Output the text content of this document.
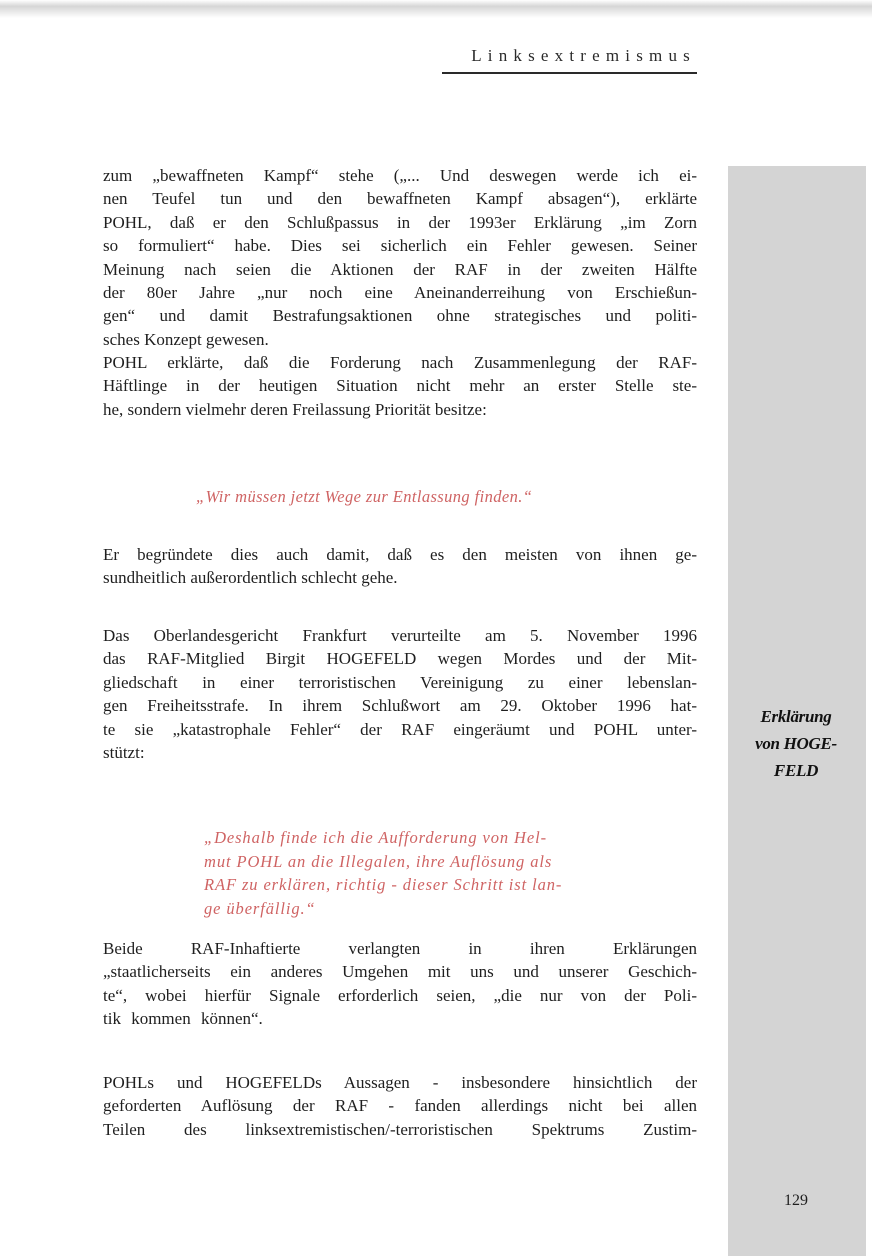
Linksextremismus
Erklärung
von HOGE-
FELD
129
zum „bewaffneten Kampf“ stehe („... Und deswegen werde ich ei-
nen Teufel tun und den bewaffneten Kampf absagen“), erklärte
POHL, daß er den Schlußpassus in der 1993er Erklärung „im Zorn
so formuliert“ habe. Dies sei sicherlich ein Fehler gewesen. Seiner
Meinung nach seien die Aktionen der RAF in der zweiten Hälfte
der 80er Jahre „nur noch eine Aneinanderreihung von Erschießun-
gen“ und damit Bestrafungsaktionen ohne strategisches und politi-
sches Konzept gewesen.
POHL erklärte, daß die Forderung nach Zusammenlegung der RAF-
Häftlinge in der heutigen Situation nicht mehr an erster Stelle ste-
he, sondern vielmehr deren Freilassung Priorität besitze:
„Wir müssen jetzt Wege zur Entlassung finden.“
Er begründete dies auch damit, daß es den meisten von ihnen ge-
sundheitlich außerordentlich schlecht gehe.
Das Oberlandesgericht Frankfurt verurteilte am 5. November 1996
das RAF-Mitglied Birgit HOGEFELD wegen Mordes und der Mit-
gliedschaft in einer terroristischen Vereinigung zu einer lebenslan-
gen Freiheitsstrafe. In ihrem Schlußwort am 29. Oktober 1996 hat-
te sie „katastrophale Fehler“ der RAF eingeräumt und POHL unter-
stützt:
„Deshalb finde ich die Aufforderung von Hel-
mut POHL an die Illegalen, ihre Auflösung als
RAF zu erklären, richtig - dieser Schritt ist lan-
ge überfällig.“
Beide RAF-Inhaftierte verlangten in ihren Erklärungen
„staatlicherseits ein anderes Umgehen mit uns und unserer Geschich-
te“, wobei hierfür Signale erforderlich seien, „die nur von der Poli-
tik kommen können“.
POHLs und HOGEFELDs Aussagen - insbesondere hinsichtlich der
geforderten Auflösung der RAF - fanden allerdings nicht bei allen
Teilen des linksextremistischen/-terroristischen Spektrums Zustim-
